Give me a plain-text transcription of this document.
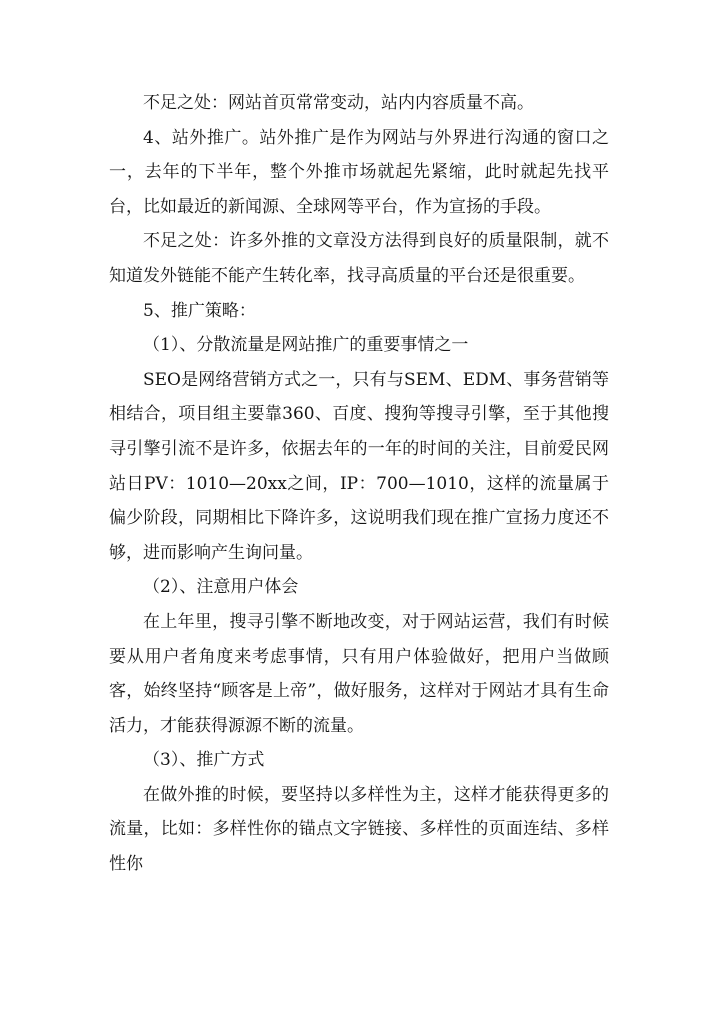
不足之处：网站首页常常变动，站内内容质量不高。

4、站外推广。站外推广是作为网站与外界进行沟通的窗口之一，去年的下半年，整个外推市场就起先紧缩，此时就起先找平台，比如最近的新闻源、全球网等平台，作为宣扬的手段。

不足之处：许多外推的文章没方法得到良好的质量限制，就不知道发外链能不能产生转化率，找寻高质量的平台还是很重要。

5、推广策略：

（1）、分散流量是网站推广的重要事情之一

SEO是网络营销方式之一，只有与SEM、EDM、事务营销等相结合，项目组主要靠360、百度、搜狗等搜寻引擎，至于其他搜寻引擎引流不是许多，依据去年的一年的时间的关注，目前爱民网站日PV：1010—20xx之间，IP：700—1010，这样的流量属于偏少阶段，同期相比下降许多，这说明我们现在推广宣扬力度还不够，进而影响产生询问量。

（2）、注意用户体会

在上年里，搜寻引擎不断地改变，对于网站运营，我们有时候要从用户者角度来考虑事情，只有用户体验做好，把用户当做顾客，始终坚持“顾客是上帝”，做好服务，这样对于网站才具有生命活力，才能获得源源不断的流量。

（3）、推广方式

在做外推的时候，要坚持以多样性为主，这样才能获得更多的流量，比如：多样性你的锚点文字链接、多样性的页面连结、多样性你
